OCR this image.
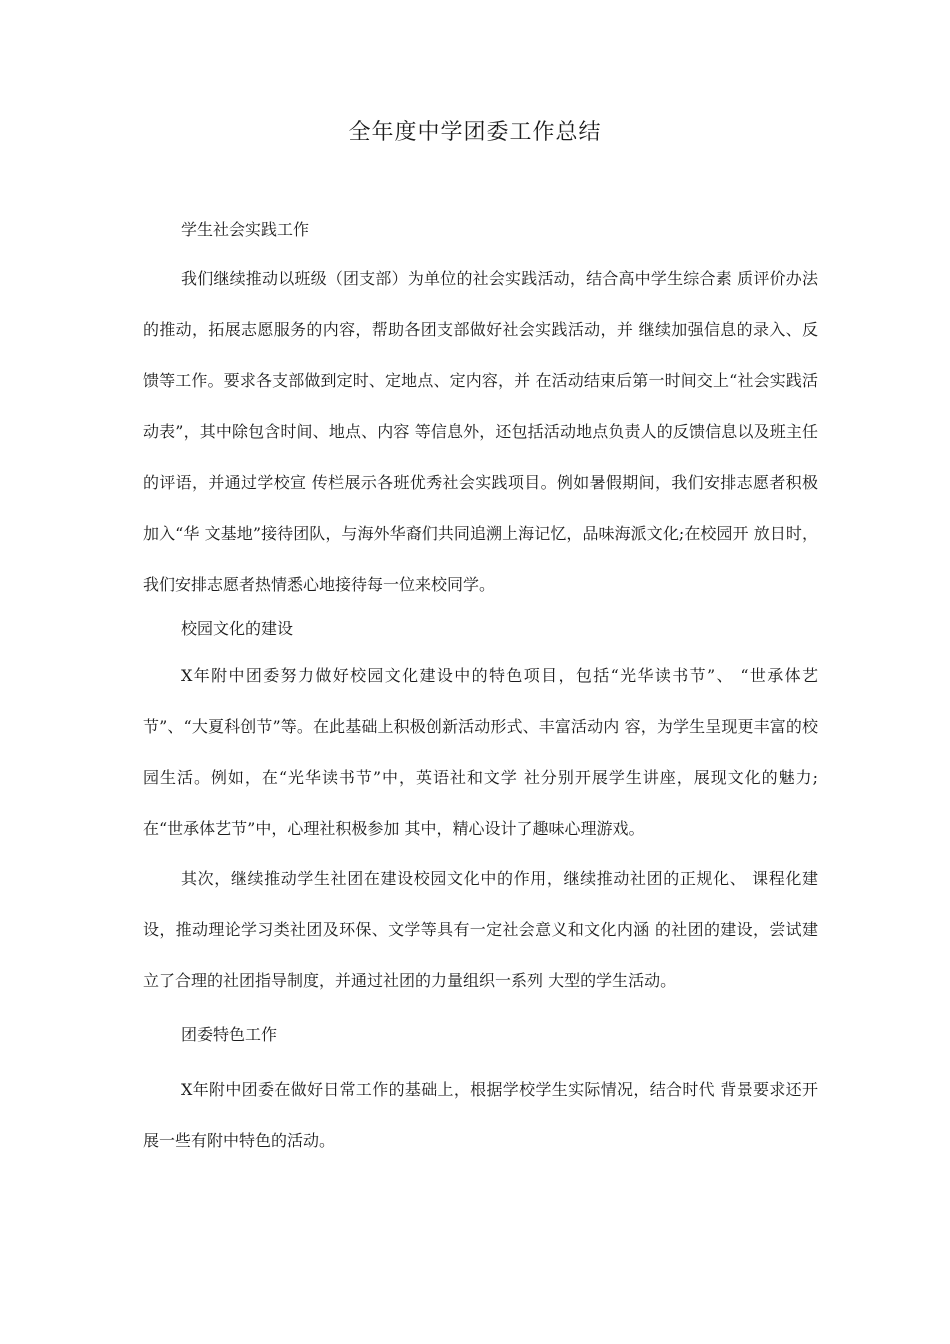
全年度中学团委工作总结
学生社会实践工作

我们继续推动以班级（团支部）为单位的社会实践活动，结合高中学生综合素 质评价办法的推动，拓展志愿服务的内容，帮助各团支部做好社会实践活动，并 继续加强信息的录入、反馈等工作。要求各支部做到定时、定地点、定内容，并 在活动结束后第一时间交上“社会实践活动表”，其中除包含时间、地点、内容 等信息外，还包括活动地点负责人的反馈信息以及班主任的评语，并通过学校宣 传栏展示各班优秀社会实践项目。例如暑假期间，我们安排志愿者积极加入“华 文基地”接待团队，与海外华裔们共同追溯上海记忆，品味海派文化;在校园开 放日时，我们安排志愿者热情悉心地接待每一位来校同学。

校园文化的建设

X年附中团委努力做好校园文化建设中的特色项目，包括“光华读书节”、 “世承体艺节”、“大夏科创节”等。在此基础上积极创新活动形式、丰富活动内 容，为学生呈现更丰富的校园生活。例如，在“光华读书节”中，英语社和文学 社分别开展学生讲座，展现文化的魅力;在“世承体艺节”中，心理社积极参加 其中，精心设计了趣味心理游戏。

其次，继续推动学生社团在建设校园文化中的作用，继续推动社团的正规化、 课程化建设，推动理论学习类社团及环保、文学等具有一定社会意义和文化内涵 的社团的建设，尝试建立了合理的社团指导制度，并通过社团的力量组织一系列 大型的学生活动。

团委特色工作

X年附中团委在做好日常工作的基础上，根据学校学生实际情况，结合时代 背景要求还开展一些有附中特色的活动。
